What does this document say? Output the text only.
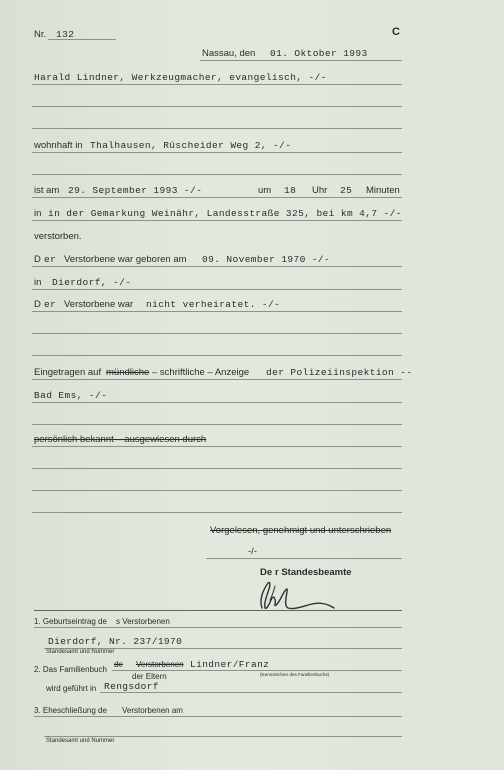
Nr. 132	C
Nassau, den 01. Oktober 1993
Harald Lindner, Werkzeugmacher, evangelisch, -/-
wohnhaft in Thalhausen, Rüscheider Weg 2, -/-
ist am 29. September 1993 -/-	um 18 Uhr 25 Minuten
in in der Gemarkung Weinähr, Landesstraße 325, bei km 4,7 -/-
verstorben.
D er Verstorbene war geboren am 09. November 1970 -/-
in Dierdorf, -/-
D er Verstorbene war nicht verheiratet. -/-
Eingetragen auf mündliche – schriftliche – Anzeige der Polizeiinspektion --
Bad Ems, -/-
persönlich bekannt – ausgewiesen durch
Vorgelesen, genehmigt und unterschrieben
-/-
De r Standesbeamte
1. Geburtseintrag de s Verstorbenen
Dierdorf, Nr. 237/1970
Standesamt und Nummer
2. Das Familienbuch
de Verstorbenen Lindner/Franz
der Eltern	(Kennzeichen des Familienbuchs)
wird geführt in Rengsdorf
3. Eheschließung de Verstorbenen am
Standesamt und Nummer
